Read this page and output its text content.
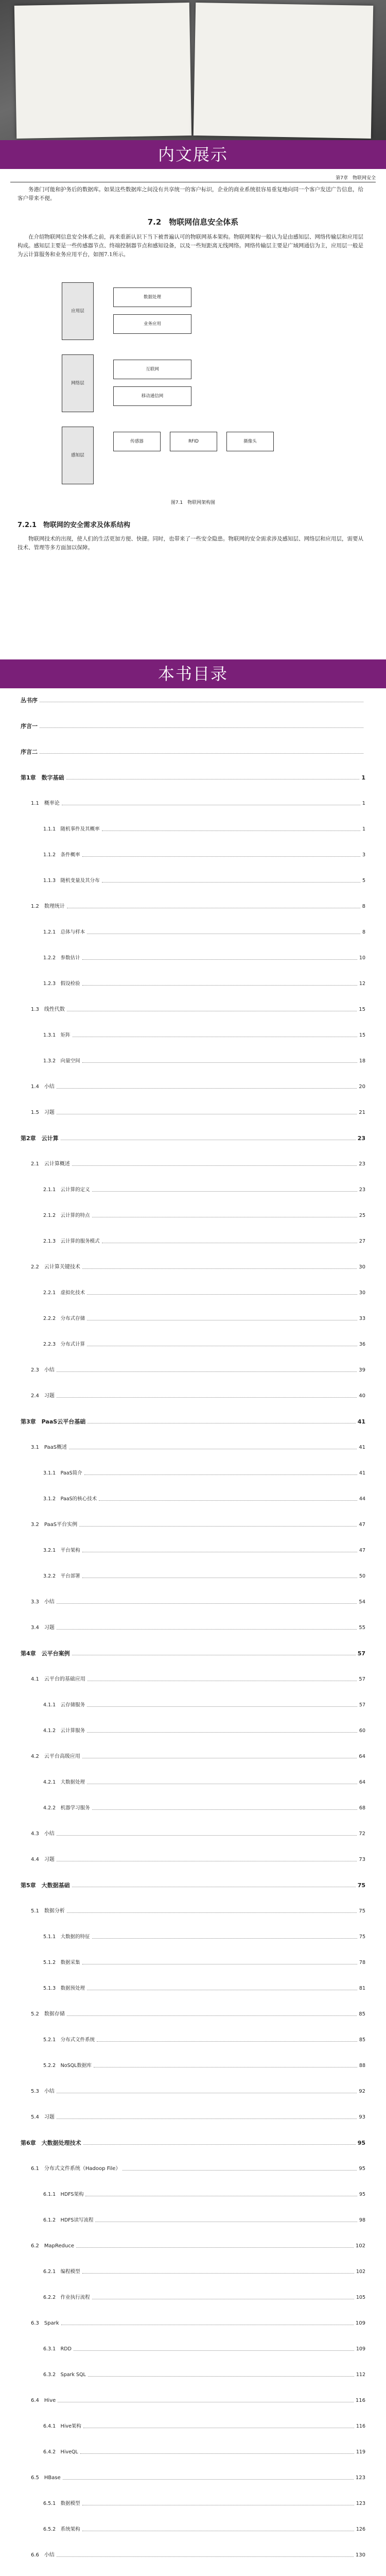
内文展示
第7章　物联网安全
务港门可能和护务后的数据库。如果这些数据库之间没有共享统一的客户标识，企业的商业系统很容易重复地向同一个客户发送广告信息，给客户带来不便。
7.2　物联网信息安全体系
在介绍物联网信息安全体系之前，再来重新认识下当下被普遍认可的物联网基本架构。物联网架构一般认为是由感知层、网络传输层和应用层构成。感知层主要是一些传感器节点、终端控制器节点和感知设备，以及一些短距离无线网络。网络传输层主要是广域网通信为主，应用层一般是为云计算服务和业务应用平台，如图7.1所示。
应用层
网络层
感知层
数据处理
业务应用
互联网
移动通信网
传感器	RFID	摄像头
图7.1　物联网架构图
7.2.1　物联网的安全需求及体系结构
物联网技术的出现，使人们的生活更加方便、快捷。同时，也带来了一些安全隐患。物联网的安全需求涉及感知层、网络层和应用层，需要从技术、管理等多方面加以保障。
本书目录
丛书序
序言一
序言二
第1章　数字基础	1
1.1　概率论	1
1.1.1　随机事件及其概率	1
1.1.2　条件概率	3
1.1.3　随机变量及其分布	5
1.2　数理统计	8
1.2.1　总体与样本	8
1.2.2　参数估计	10
1.2.3　假设检验	12
1.3　线性代数	15
1.3.1　矩阵	15
1.3.2　向量空间	18
1.4　小结	20
1.5　习题	21
第2章　云计算	23
2.1　云计算概述	23
2.1.1　云计算的定义	23
2.1.2　云计算的特点	25
2.1.3　云计算的服务模式	27
2.2　云计算关键技术	30
2.2.1　虚拟化技术	30
2.2.2　分布式存储	33
2.2.3　分布式计算	36
2.3　小结	39
2.4　习题	40
第3章　PaaS云平台基础	41
3.1　PaaS概述	41
3.1.1　PaaS简介	41
3.1.2　PaaS的核心技术	44
3.2　PaaS平台实例	47
3.2.1　平台架构	47
3.2.2　平台部署	50
3.3　小结	54
3.4　习题	55
第4章　云平台案例	57
4.1　云平台的基础应用	57
4.1.1　云存储服务	57
4.1.2　云计算服务	60
4.2　云平台高级应用	64
4.2.1　大数据处理	64
4.2.2　机器学习服务	68
4.3　小结	72
4.4　习题	73
第5章　大数据基础	75
5.1　数据分析	75
5.1.1　大数据的特征	75
5.1.2　数据采集	78
5.1.3　数据预处理	81
5.2　数据存储	85
5.2.1　分布式文件系统	85
5.2.2　NoSQL数据库	88
5.3　小结	92
5.4　习题	93
第6章　大数据处理技术	95
6.1　分布式文件系统（Hadoop File）	95
6.1.1　HDFS架构	95
6.1.2　HDFS读写流程	98
6.2　MapReduce	102
6.2.1　编程模型	102
6.2.2　作业执行流程	105
6.3　Spark	109
6.3.1　RDD	109
6.3.2　Spark SQL	112
6.4　Hive	116
6.4.1　Hive架构	116
6.4.2　HiveQL	119
6.5　HBase	123
6.5.1　数据模型	123
6.5.2　系统架构	126
6.6　小结	130
